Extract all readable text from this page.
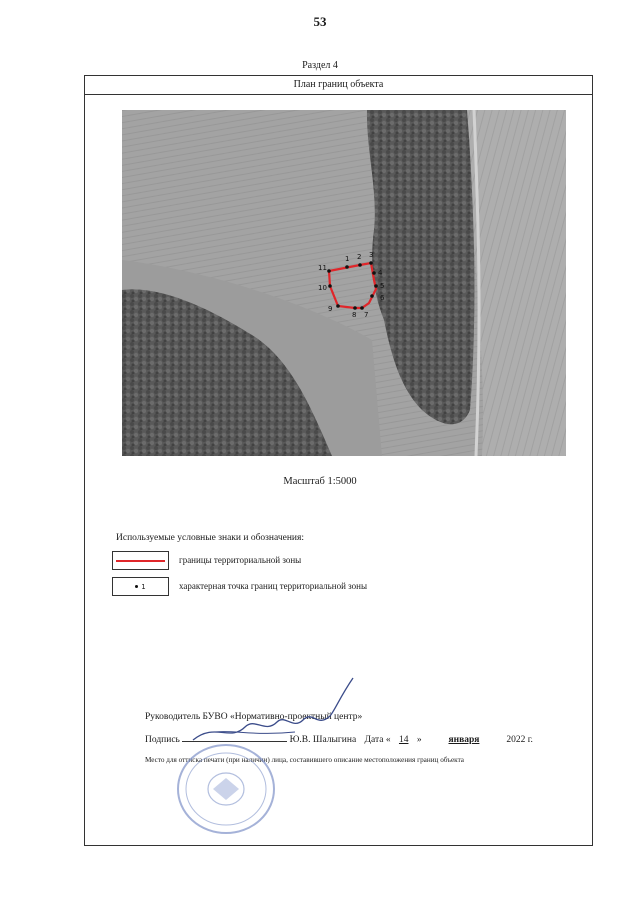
53
Раздел 4
План границ объекта
1 2 3
4
5
6
7
8
9
10
11
Масштаб 1:5000
Используемые условные знаки и обозначения:
границы территориальной зоны
1	характерная точка границ территориальной зоны
Руководитель БУВО «Нормативно-проектный центр»
Подпись	Ю.В. Шалыгина Дата « 14 »	января	2022 г.
Место для оттиска печати (при наличии) лица, составившего описание местоположения границ объекта
